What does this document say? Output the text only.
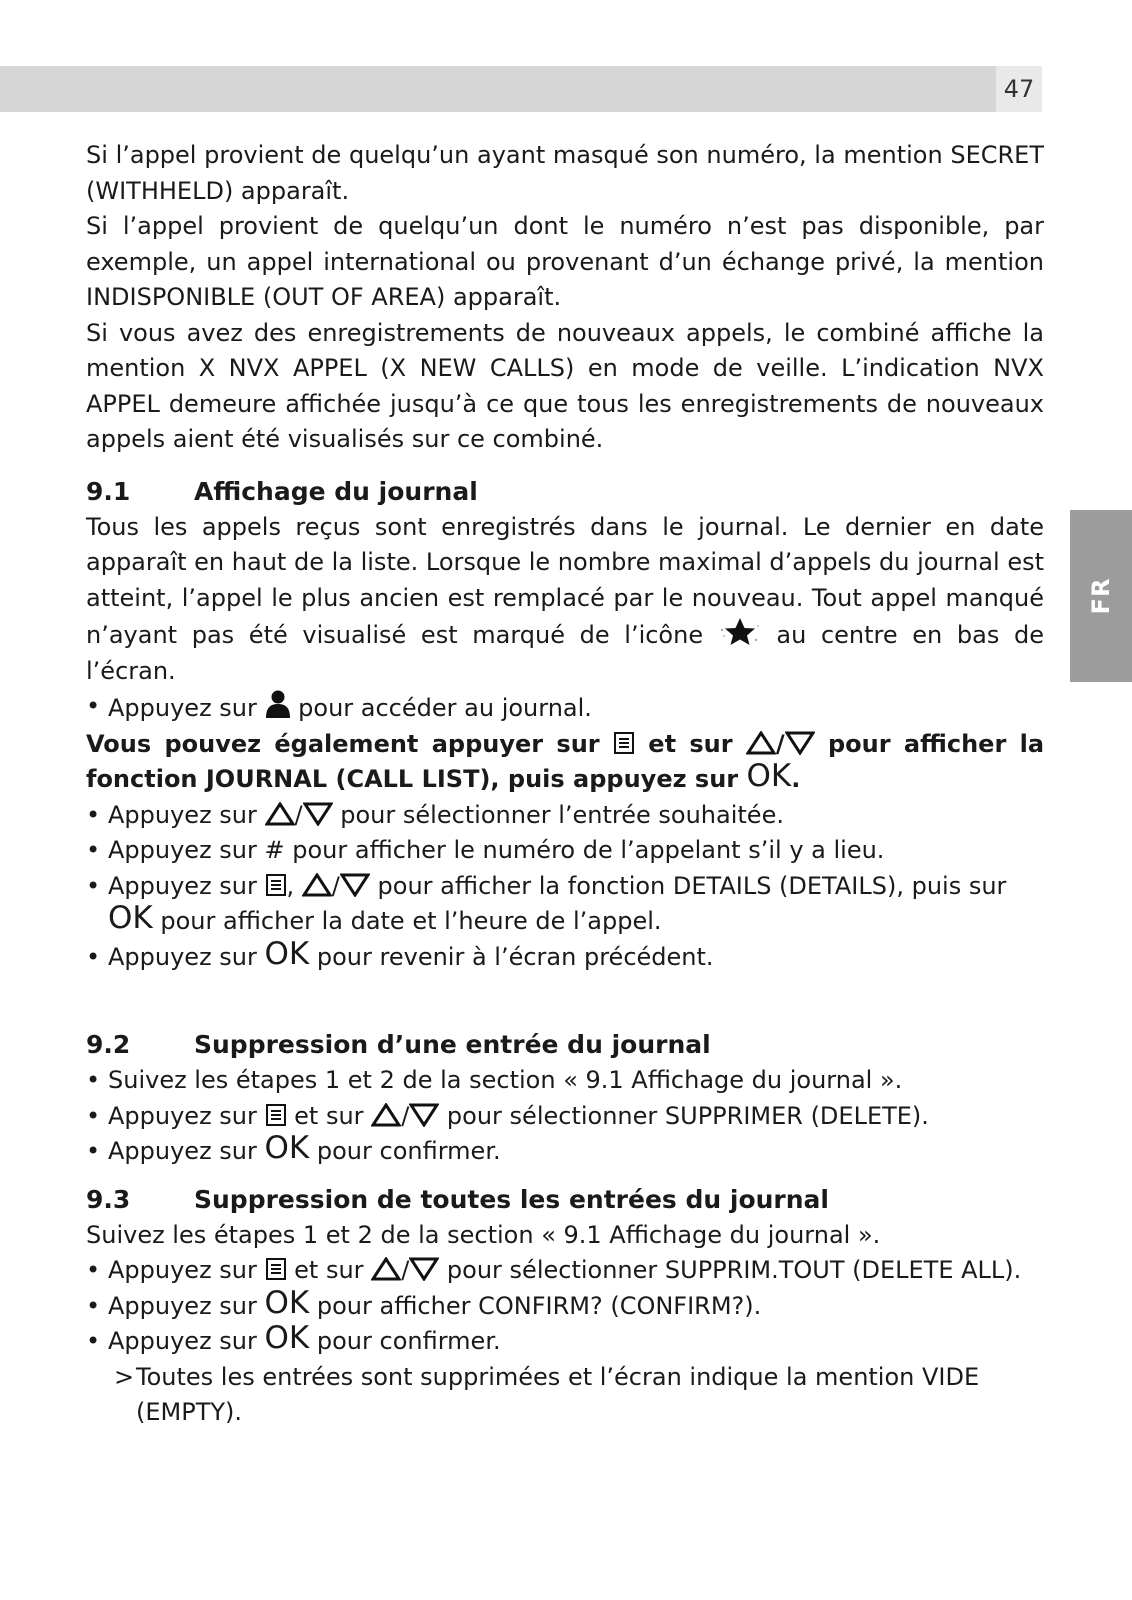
47
FR

Si l’appel provient de quelqu’un ayant masqué son numéro, la mention SECRET (WITHHELD) apparaît.

Si l’appel provient de quelqu’un dont le numéro n’est pas disponible, par exemple, un appel international ou provenant d’un échange privé, la mention INDISPONIBLE (OUT OF AREA) apparaît.

Si vous avez des enregistrements de nouveaux appels, le combiné affiche la mention X NVX APPEL (X NEW CALLS) en mode de veille. L’indication NVX APPEL demeure affichée jusqu’à ce que tous les enregistrements de nouveaux appels aient été visualisés sur ce combiné.

9.1	Affichage du journal

Tous les appels reçus sont enregistrés dans le journal. Le dernier en date apparaît en haut de la liste. Lorsque le nombre maximal d’appels du journal est atteint, l’appel le plus ancien est remplacé par le nouveau. Tout appel manqué n’ayant pas été visualisé est marqué de l’icône	au centre en bas de l’écran.

• Appuyez sur pour accéder au journal.

Vous pouvez également appuyer sur et sur / pour afficher la fonction JOURNAL (CALL LIST), puis appuyez sur OK.

• Appuyez sur / pour sélectionner l’entrée souhaitée.
• Appuyez sur # pour afficher le numéro de l’appelant s’il y a lieu.
• Appuyez sur , / pour afficher la fonction DETAILS (DETAILS), puis sur OK pour afficher la date et l’heure de l’appel.
• Appuyez sur OK pour revenir à l’écran précédent.
9.2	Suppression d’une entrée du journal
• Suivez les étapes 1 et 2 de la section « 9.1 Affichage du journal ».
• Appuyez sur et sur / pour sélectionner SUPPRIMER (DELETE).
• Appuyez sur OK pour confirmer.
9.3	Suppression de toutes les entrées du journal

Suivez les étapes 1 et 2 de la section « 9.1 Affichage du journal ».

• Appuyez sur et sur / pour sélectionner SUPPRIM.TOUT (DELETE ALL).
• Appuyez sur OK pour afficher CONFIRM? (CONFIRM?).
• Appuyez sur OK pour confirmer.
> Toutes les entrées sont supprimées et l’écran indique la mention VIDE (EMPTY).
